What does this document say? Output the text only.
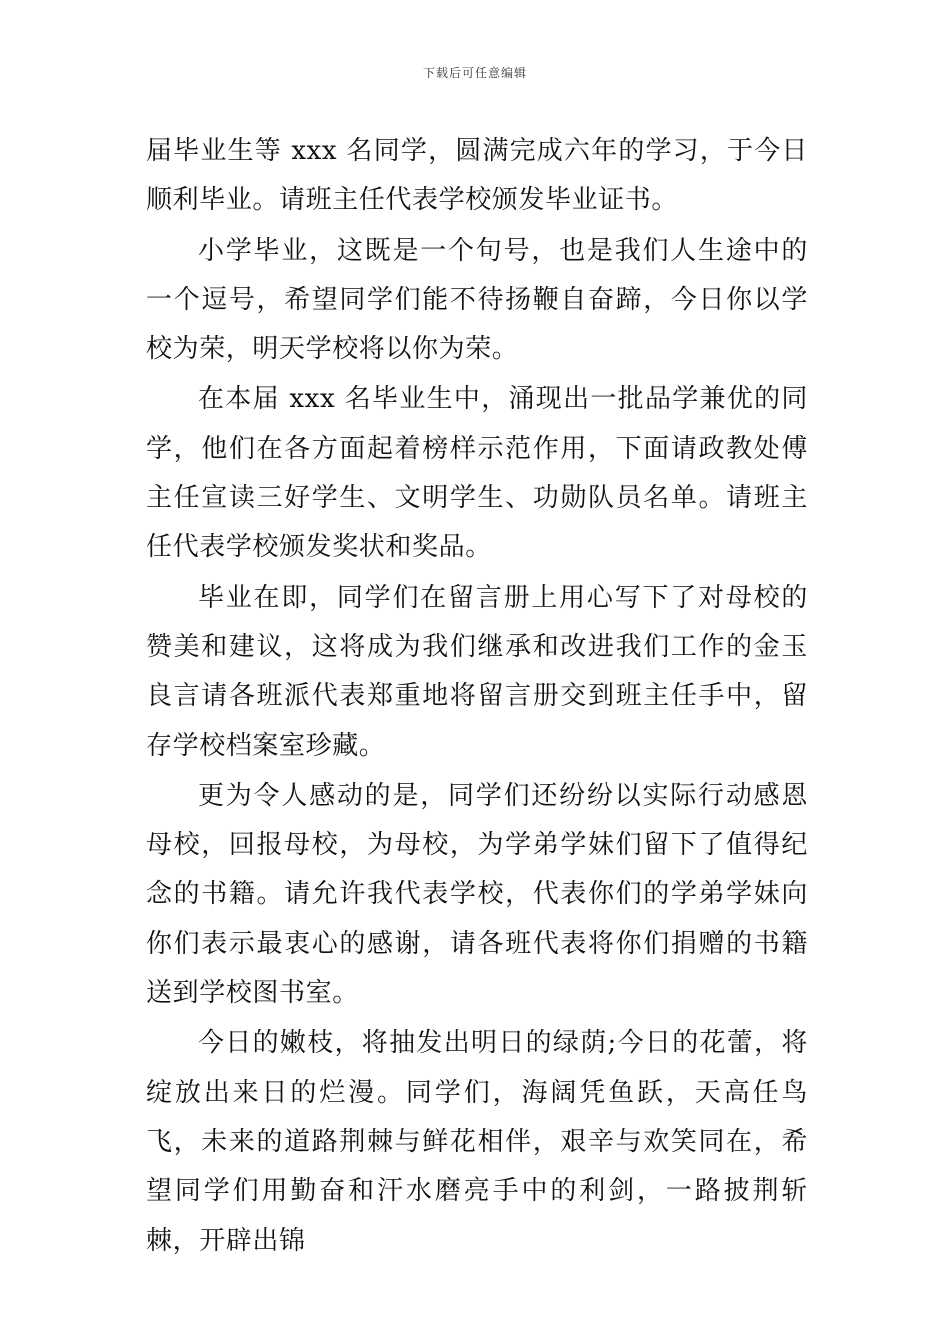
下载后可任意编辑

届毕业生等 xxx 名同学，圆满完成六年的学习，于今日顺利毕业。请班主任代表学校颁发毕业证书。

小学毕业，这既是一个句号，也是我们人生途中的一个逗号，希望同学们能不待扬鞭自奋蹄，今日你以学校为荣，明天学校将以你为荣。

在本届 xxx 名毕业生中，涌现出一批品学兼优的同学，他们在各方面起着榜样示范作用，下面请政教处傅主任宣读三好学生、文明学生、功勋队员名单。请班主任代表学校颁发奖状和奖品。

毕业在即，同学们在留言册上用心写下了对母校的赞美和建议，这将成为我们继承和改进我们工作的金玉良言请各班派代表郑重地将留言册交到班主任手中，留存学校档案室珍藏。

更为令人感动的是，同学们还纷纷以实际行动感恩母校，回报母校，为母校，为学弟学妹们留下了值得纪念的书籍。请允许我代表学校，代表你们的学弟学妹向你们表示最衷心的感谢，请各班代表将你们捐赠的书籍送到学校图书室。

今日的嫩枝，将抽发出明日的绿荫;今日的花蕾，将绽放出来日的烂漫。同学们，海阔凭鱼跃，天高任鸟飞，未来的道路荆棘与鲜花相伴，艰辛与欢笑同在，希望同学们用勤奋和汗水磨亮手中的利剑，一路披荆斩棘，开辟出锦
